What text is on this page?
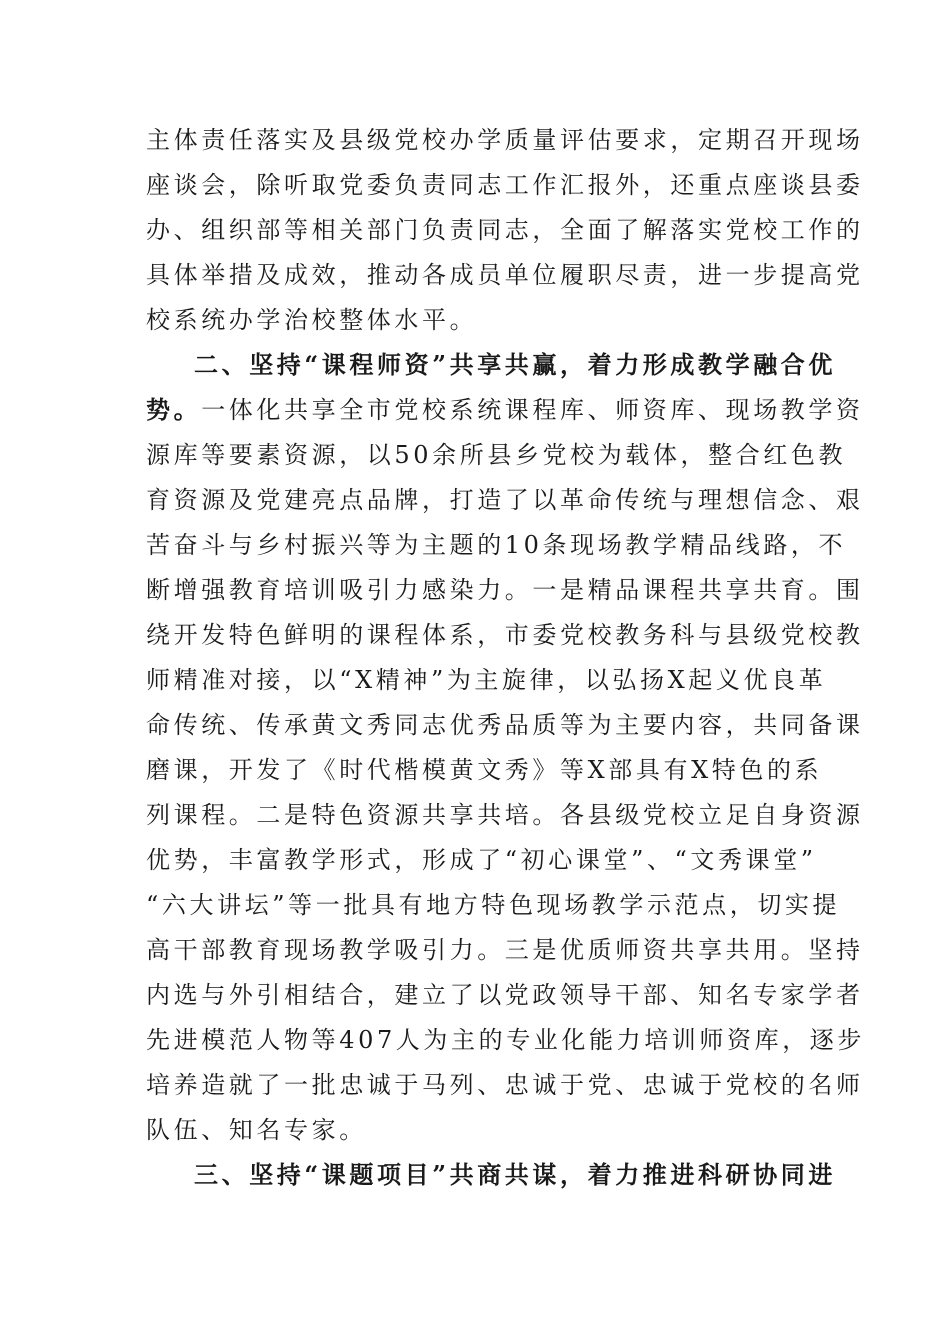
主体责任落实及县级党校办学质量评估要求，定期召开现场
座谈会，除听取党委负责同志工作汇报外，还重点座谈县委
办、组织部等相关部门负责同志，全面了解落实党校工作的
具体举措及成效，推动各成员单位履职尽责，进一步提高党
校系统办学治校整体水平。
二、坚持“课程师资”共享共赢，着力形成教学融合优
势。一体化共享全市党校系统课程库、师资库、现场教学资
源库等要素资源，以50余所县乡党校为载体，整合红色教
育资源及党建亮点品牌，打造了以革命传统与理想信念、艰
苦奋斗与乡村振兴等为主题的10条现场教学精品线路，不
断增强教育培训吸引力感染力。一是精品课程共享共育。围
绕开发特色鲜明的课程体系，市委党校教务科与县级党校教
师精准对接，以“X精神”为主旋律，以弘扬X起义优良革
命传统、传承黄文秀同志优秀品质等为主要内容，共同备课
磨课，开发了《时代楷模黄文秀》等X部具有X特色的系
列课程。二是特色资源共享共培。各县级党校立足自身资源
优势，丰富教学形式，形成了“初心课堂”、“文秀课堂”
“六大讲坛”等一批具有地方特色现场教学示范点，切实提
高干部教育现场教学吸引力。三是优质师资共享共用。坚持
内选与外引相结合，建立了以党政领导干部、知名专家学者
先进模范人物等407人为主的专业化能力培训师资库，逐步
培养造就了一批忠诚于马列、忠诚于党、忠诚于党校的名师
队伍、知名专家。
三、坚持“课题项目”共商共谋，着力推进科研协同进
